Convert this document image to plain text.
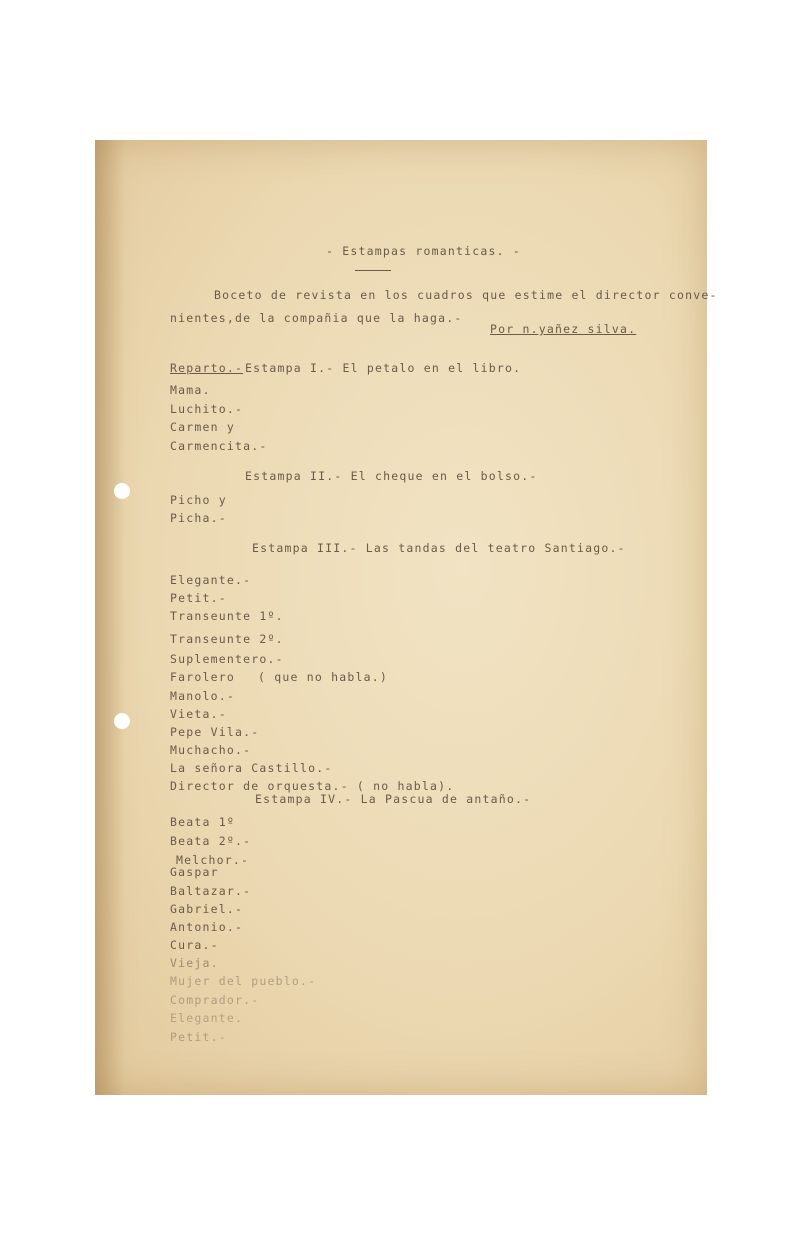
- Estampas romanticas. -
Boceto de revista en los cuadros que estime el director conve-
nientes,de la compañia que la haga.-
Por n.yañez silva.
Reparto.- Estampa I.- El petalo en el libro.
Mama.
Luchito.-
Carmen y
Carmencita.-
Estampa II.- El cheque en el bolso.-
Picho y
Picha.-
Estampa III.- Las tandas del teatro Santiago.-
Elegante.-
Petit.-
Transeunte 1º.
Transeunte 2º.
Suplementero.-
Farolero ( que no habla.)
Manolo.-
Vieta.-
Pepe Vila.-
Muchacho.-
La señora Castillo.-
Director de orquesta.- ( no habla).
Estampa IV.- La Pascua de antaño.-
Beata 1º
Beata 2º.-
Melchor.-
Gaspar
Baltazar.-
Gabriel.-
Antonio.-
Cura.-
Vieja.
Mujer del pueblo.-
Comprador.-
Elegante.
Petit.-
